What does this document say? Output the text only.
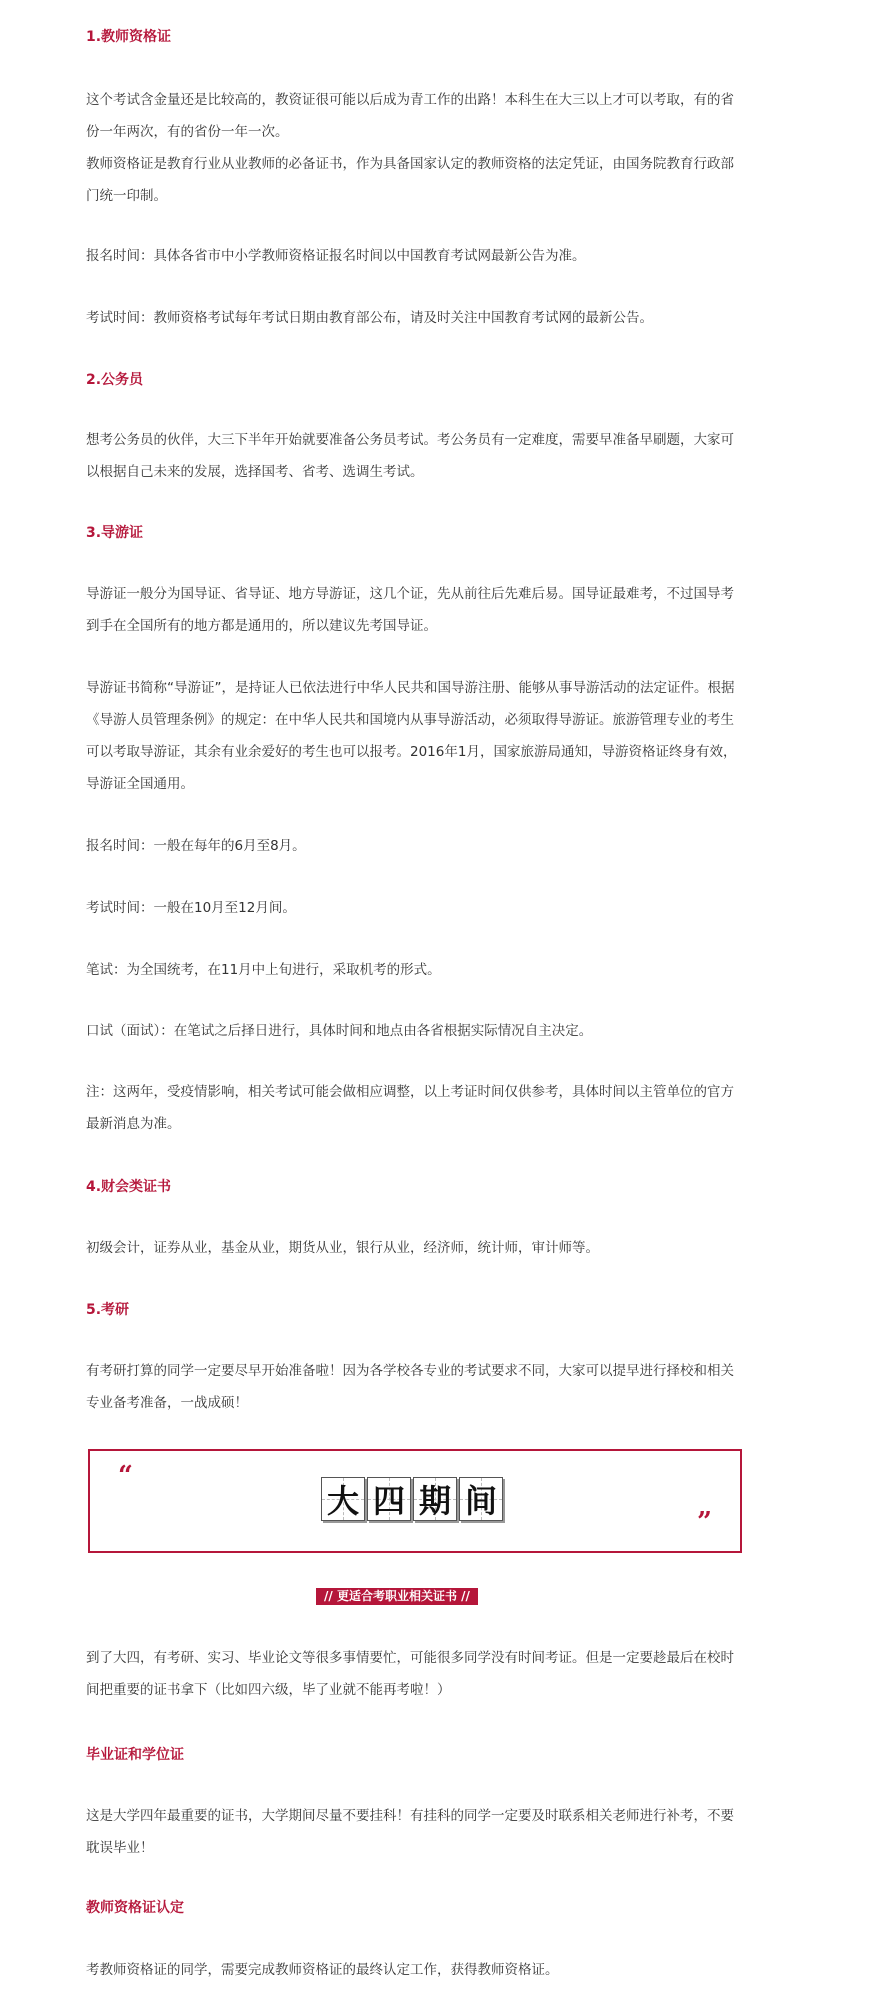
1.教师资格证
这个考试含金量还是比较高的，教资证很可能以后成为青工作的出路！本科生在大三以上才可以考取，有的省份一年两次，有的省份一年一次。
教师资格证是教育行业从业教师的必备证书，作为具备国家认定的教师资格的法定凭证，由国务院教育行政部门统一印制。
报名时间：具体各省市中小学教师资格证报名时间以中国教育考试网最新公告为准。
考试时间：教师资格考试每年考试日期由教育部公布，请及时关注中国教育考试网的最新公告。
2.公务员
想考公务员的伙伴，大三下半年开始就要准备公务员考试。考公务员有一定难度，需要早准备早刷题，大家可以根据自己未来的发展，选择国考、省考、选调生考试。
3.导游证
导游证一般分为国导证、省导证、地方导游证，这几个证，先从前往后先难后易。国导证最难考，不过国导考到手在全国所有的地方都是通用的，所以建议先考国导证。
导游证书简称“导游证”，是持证人已依法进行中华人民共和国导游注册、能够从事导游活动的法定证件。根据《导游人员管理条例》的规定：在中华人民共和国境内从事导游活动，必须取得导游证。旅游管理专业的考生可以考取导游证，其余有业余爱好的考生也可以报考。2016年1月，国家旅游局通知，导游资格证终身有效，导游证全国通用。
报名时间：一般在每年的6月至8月。
考试时间：一般在10月至12月间。
笔试：为全国统考，在11月中上旬进行，采取机考的形式。
口试（面试）：在笔试之后择日进行，具体时间和地点由各省根据实际情况自主决定。
注：这两年，受疫情影响，相关考试可能会做相应调整，以上考证时间仅供参考，具体时间以主管单位的官方最新消息为准。
4.财会类证书
初级会计，证券从业，基金从业，期货从业，银行从业，经济师，统计师，审计师等。
5.考研
有考研打算的同学一定要尽早开始准备啦！因为各学校各专业的考试要求不同，大家可以提早进行择校和相关专业备考准备，一战成硕！
“
大 四 期 间
”
// 更适合考职业相关证书 //
到了大四，有考研、实习、毕业论文等很多事情要忙，可能很多同学没有时间考证。但是一定要趁最后在校时间把重要的证书拿下（比如四六级，毕了业就不能再考啦！）
毕业证和学位证
这是大学四年最重要的证书，大学期间尽量不要挂科！有挂科的同学一定要及时联系相关老师进行补考，不要耽误毕业！
教师资格证认定
考教师资格证的同学，需要完成教师资格证的最终认定工作，获得教师资格证。
